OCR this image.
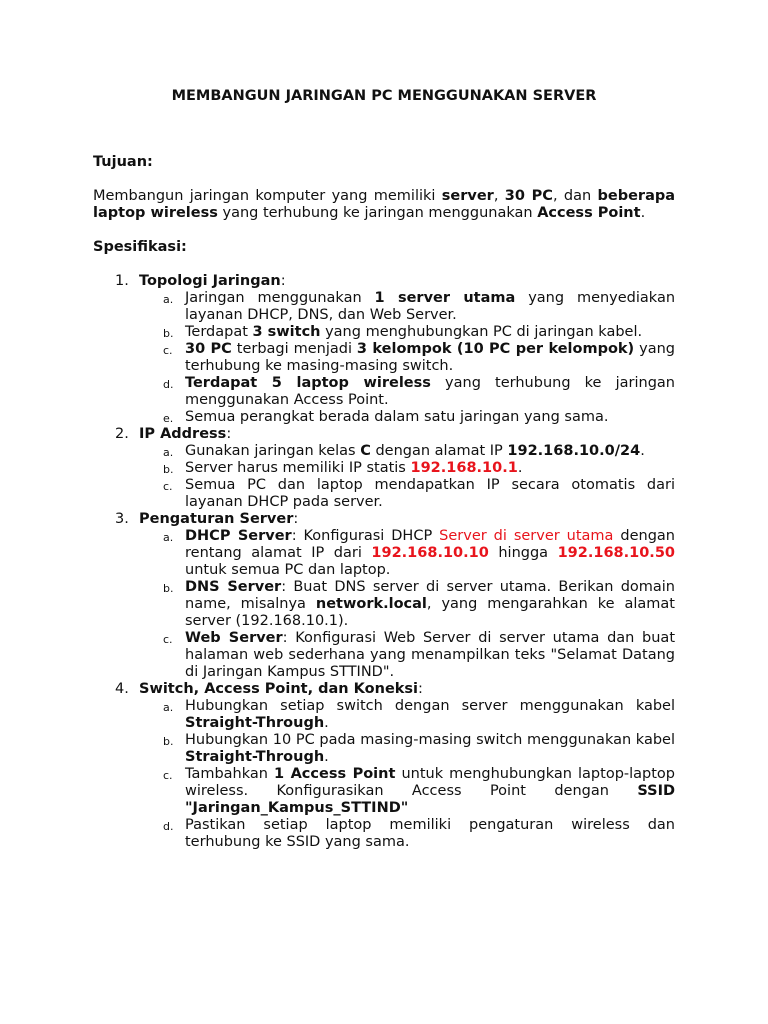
MEMBANGUN JARINGAN PC MENGGUNAKAN SERVER
Tujuan:
Membangun jaringan komputer yang memiliki server, 30 PC, dan beberapa laptop wireless yang terhubung ke jaringan menggunakan Access Point.
Spesifikasi:
1. Topologi Jaringan:
a. Jaringan menggunakan 1 server utama yang menyediakan layanan DHCP, DNS, dan Web Server.
b. Terdapat 3 switch yang menghubungkan PC di jaringan kabel.
c. 30 PC terbagi menjadi 3 kelompok (10 PC per kelompok) yang terhubung ke masing-masing switch.
d. Terdapat 5 laptop wireless yang terhubung ke jaringan menggunakan Access Point.
e. Semua perangkat berada dalam satu jaringan yang sama.
2. IP Address:
a. Gunakan jaringan kelas C dengan alamat IP 192.168.10.0/24.
b. Server harus memiliki IP statis 192.168.10.1.
c. Semua PC dan laptop mendapatkan IP secara otomatis dari layanan DHCP pada server.
3. Pengaturan Server:
a. DHCP Server: Konfigurasi DHCP Server di server utama dengan rentang alamat IP dari 192.168.10.10 hingga 192.168.10.50 untuk semua PC dan laptop.
b. DNS Server: Buat DNS server di server utama. Berikan domain name, misalnya network.local, yang mengarahkan ke alamat server (192.168.10.1).
c. Web Server: Konfigurasi Web Server di server utama dan buat halaman web sederhana yang menampilkan teks "Selamat Datang di Jaringan Kampus STTIND".
4. Switch, Access Point, dan Koneksi:
a. Hubungkan setiap switch dengan server menggunakan kabel Straight-Through.
b. Hubungkan 10 PC pada masing-masing switch menggunakan kabel Straight-Through.
c. Tambahkan 1 Access Point untuk menghubungkan laptop-laptop wireless. Konfigurasikan Access Point dengan SSID "Jaringan_Kampus_STTIND"
d. Pastikan setiap laptop memiliki pengaturan wireless dan terhubung ke SSID yang sama.
